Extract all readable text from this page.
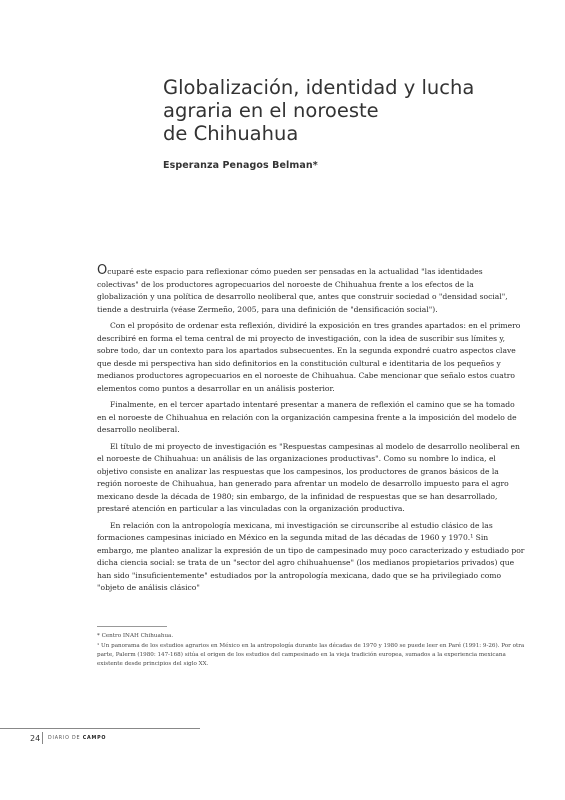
Globalización, identidad y lucha
agraria en el noroeste
de Chihuahua
Esperanza Penagos Belman*

Ocuparé este espacio para reflexionar cómo pueden ser pensadas en la actualidad "las identidades colectivas" de los productores agropecuarios del noroeste de Chihuahua frente a los efectos de la globalización y una política de desarrollo neoliberal que, antes que construir sociedad o "densidad social", tiende a destruirla (véase Zermeño, 2005, para una definición de "densificación social").

Con el propósito de ordenar esta reflexión, dividiré la exposición en tres grandes apartados: en el primero describiré en forma el tema central de mi proyecto de investigación, con la idea de suscribir sus límites y, sobre todo, dar un contexto para los apartados subsecuentes. En la segunda expondré cuatro aspectos clave que desde mi perspectiva han sido definitorios en la constitución cultural e identitaria de los pequeños y medianos productores agropecuarios en el noroeste de Chihuahua. Cabe mencionar que señalo estos cuatro elementos como puntos a desarrollar en un análisis posterior.

Finalmente, en el tercer apartado intentaré presentar a manera de reflexión el camino que se ha tomado en el noroeste de Chihuahua en relación con la organización campesina frente a la imposición del modelo de desarrollo neoliberal.

El título de mi proyecto de investigación es "Respuestas campesinas al modelo de desarrollo neoliberal en el noroeste de Chihuahua: un análisis de las organizaciones productivas". Como su nombre lo indica, el objetivo consiste en analizar las respuestas que los campesinos, los productores de granos básicos de la región noroeste de Chihuahua, han generado para afrentar un modelo de desarrollo impuesto para el agro mexicano desde la década de 1980; sin embargo, de la infinidad de respuestas que se han desarrollado, prestaré atención en particular a las vinculadas con la organización productiva.

En relación con la antropología mexicana, mi investigación se circunscribe al estudio clásico de las formaciones campesinas iniciado en México en la segunda mitad de las décadas de 1960 y 1970.¹ Sin embargo, me planteo analizar la expresión de un tipo de campesinado muy poco caracterizado y estudiado por dicha ciencia social: se trata de un "sector del agro chihuahuense" (los medianos propietarios privados) que han sido "insuficientemente" estudiados por la antropología mexicana, dado que se ha privilegiado como "objeto de análisis clásico"

* Centro INAH Chihuahua.

¹ Un panorama de los estudios agrarios en México en la antropología durante las décadas de 1970 y 1980 se puede leer en Paré (1991: 9-26). Por otra parte, Palerm (1980: 147-168) sitúa el origen de los estudios del campesinado en la vieja tradición europea, sumados a la experiencia mexicana existente desde principios del siglo XX.

24 DIARIO DE CAMPO
